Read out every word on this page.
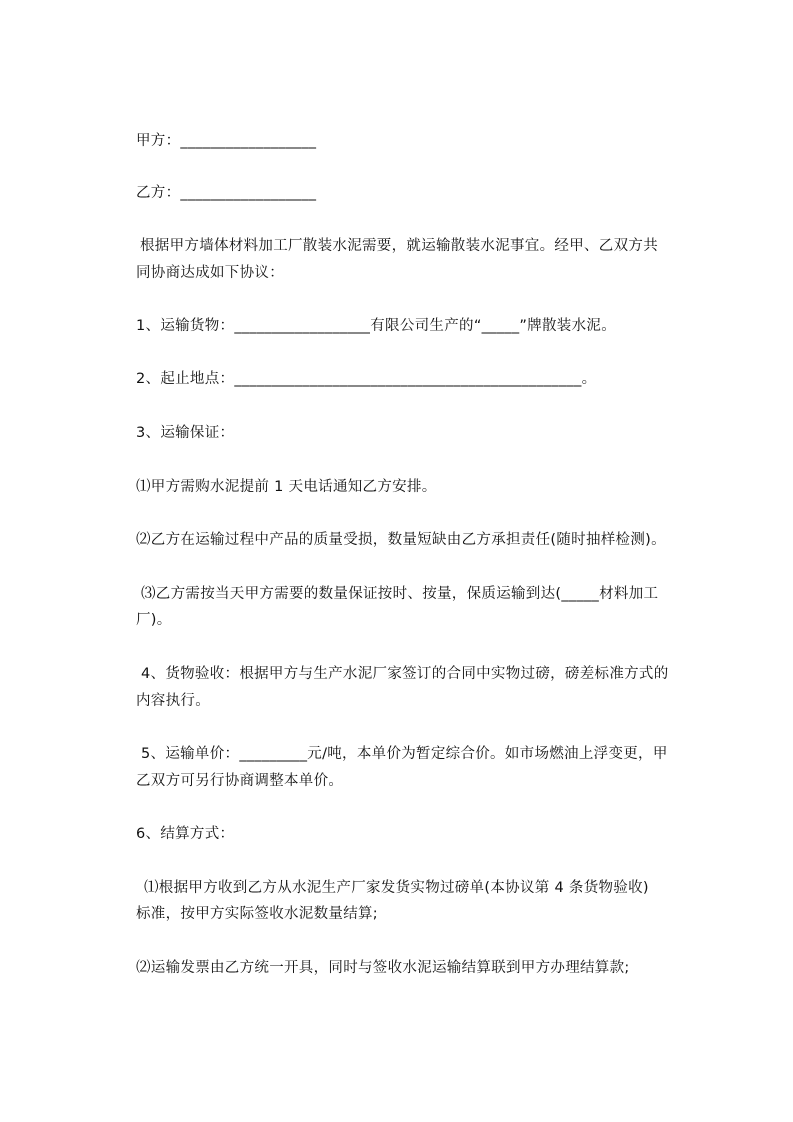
甲方：__________________
乙方：__________________
根据甲方墙体材料加工厂散装水泥需要，就运输散装水泥事宜。经甲、乙双方共
同协商达成如下协议：
1、运输货物：__________________有限公司生产的“_____”牌散装水泥。
2、起止地点：______________________________________________。
3、运输保证：
⑴甲方需购水泥提前 1 天电话通知乙方安排。
⑵乙方在运输过程中产品的质量受损，数量短缺由乙方承担责任(随时抽样检测)。
⑶乙方需按当天甲方需要的数量保证按时、按量，保质运输到达(_____材料加工
厂)。
4、货物验收：根据甲方与生产水泥厂家签订的合同中实物过磅，磅差标准方式的
内容执行。
5、运输单价：_________元/吨，本单价为暂定综合价。如市场燃油上浮变更，甲
乙双方可另行协商调整本单价。
6、结算方式：
⑴根据甲方收到乙方从水泥生产厂家发货实物过磅单(本协议第 4 条货物验收)
标准，按甲方实际签收水泥数量结算;
⑵运输发票由乙方统一开具，同时与签收水泥运输结算联到甲方办理结算款;
